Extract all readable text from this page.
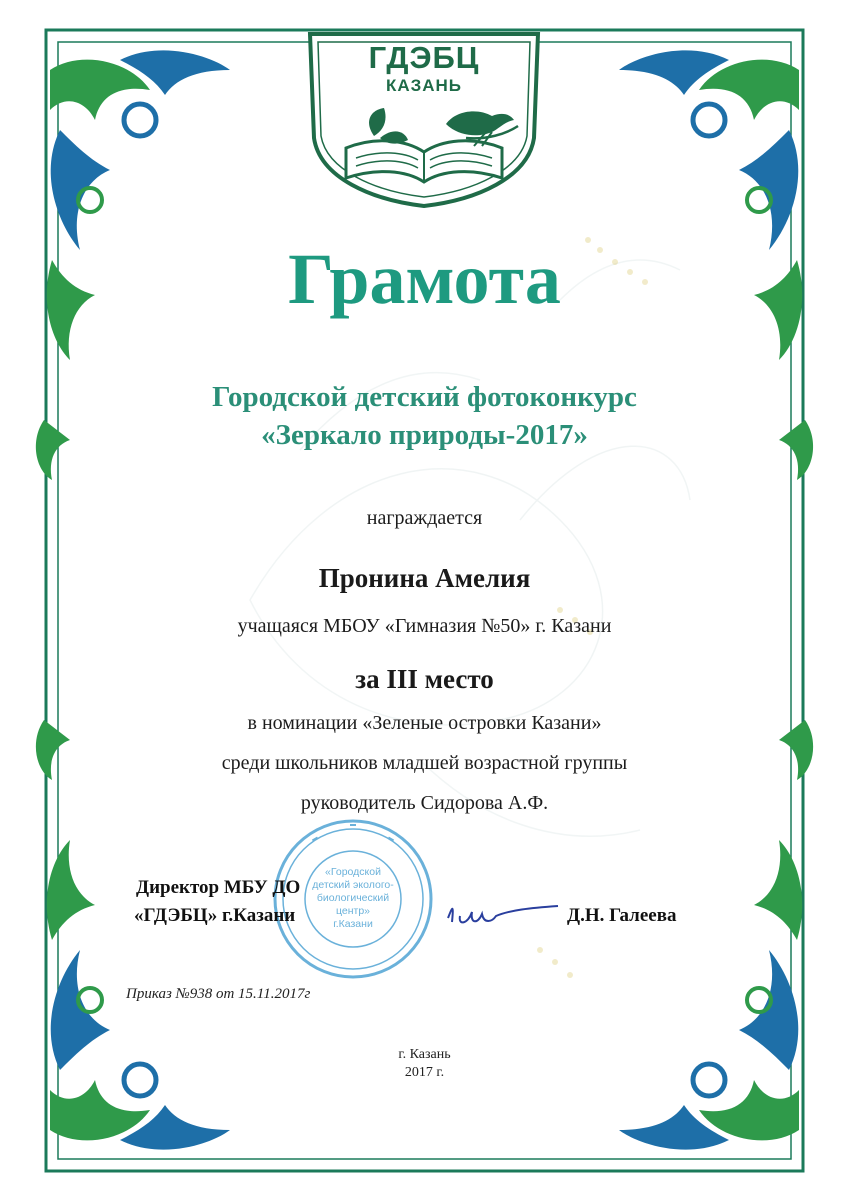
ГДЭБЦ
КАЗАНЬ
Грамота
Городской детский фотоконкурс
«Зеркало природы-2017»
награждается
Пронина Амелия
учащаяся МБОУ «Гимназия №50» г. Казани
за III место
в номинации «Зеленые островки Казани»
среди школьников младшей возрастной группы
руководитель Сидорова А.Ф.
«Городской
детский эколого-
биологический
центр»
г.Казани
Директор МБУ ДО
«ГДЭБЦ» г.Казани	Д.Н. Галеева
Приказ №938 от 15.11.2017г
г. Казань
2017 г.
